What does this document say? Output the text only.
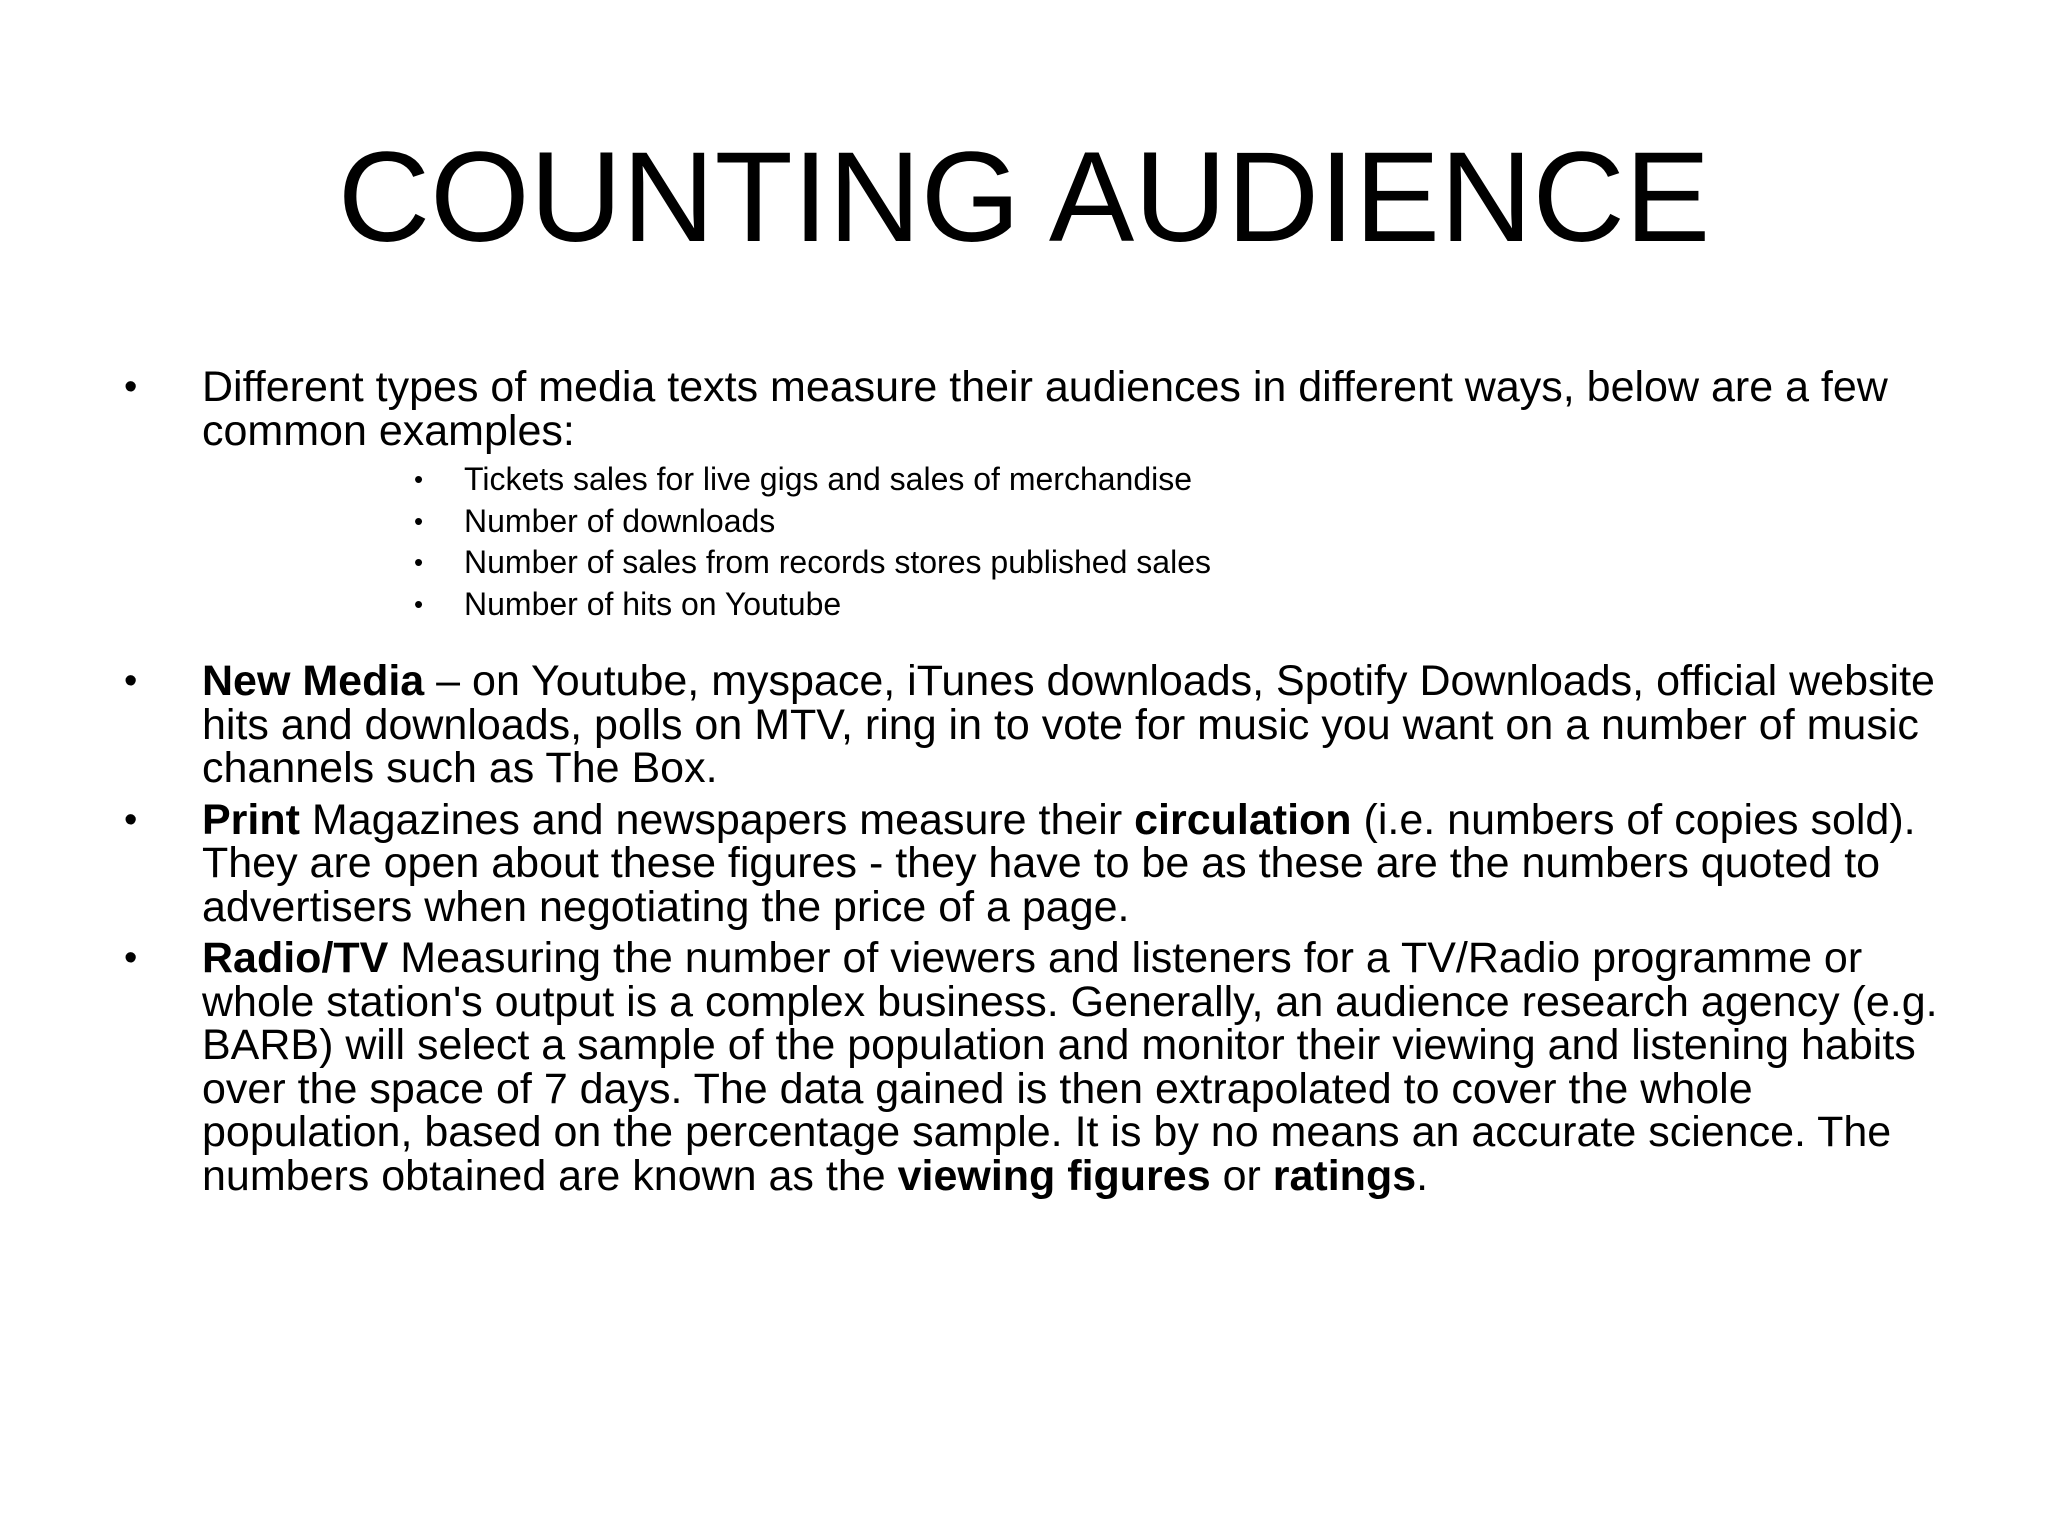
COUNTING AUDIENCE
• Different types of media texts measure their audiences in different ways, below are a few common examples:
• Tickets sales for live gigs and sales of merchandise
• Number of downloads
• Number of sales from records stores published sales
• Number of hits on Youtube
• New Media – on Youtube, myspace, iTunes downloads, Spotify Downloads, official website hits and downloads, polls on MTV, ring in to vote for music you want on a number of music channels such as The Box.
• Print Magazines and newspapers measure their circulation (i.e. numbers of copies sold). They are open about these figures - they have to be as these are the numbers quoted to advertisers when negotiating the price of a page.
• Radio/TV Measuring the number of viewers and listeners for a TV/Radio programme or whole station's output is a complex business. Generally, an audience research agency (e.g. BARB) will select a sample of the population and monitor their viewing and listening habits over the space of 7 days. The data gained is then extrapolated to cover the whole population, based on the percentage sample. It is by no means an accurate science. The numbers obtained are known as the viewing figures or ratings.
